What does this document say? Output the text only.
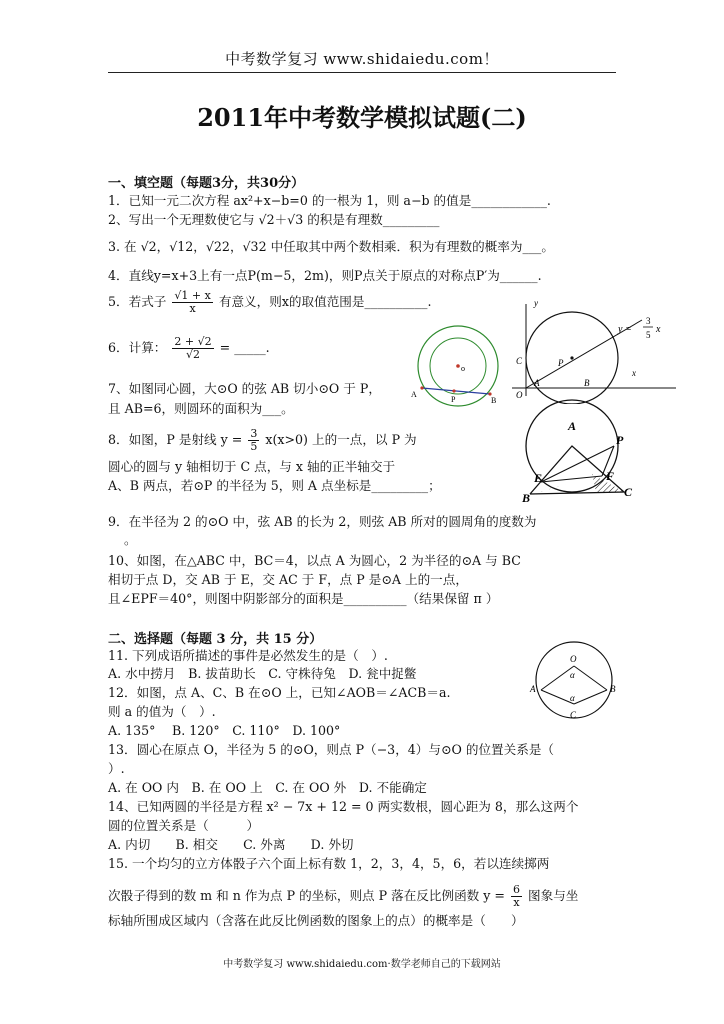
中考数学复习 www.shidaiedu.com！
2011年中考数学模拟试题(二)
一、填空题（每题3分，共30分）
1．已知一元二次方程 ax²+x−b=0 的一根为 1，则 a−b 的值是____________.
2、写出一个无理数使它与 √2＋√3 的积是有理数_________
3. 在 √2，√12，√22，√32 中任取其中两个数相乘．积为有理数的概率为___。
4．直线y=x+3上有一点P(m−5，2m)，则P点关于原点的对称点P′为______.
5．若式子 $\frac{√1 + x}{x}$ 有意义，则x的取值范围是__________.
6．计算： $\frac{2 + √2}{√2}$ = _____.
7、如图同心圆，大⊙O 的弦 AB 切小⊙O 于 P，
且 AB=6，则圆环的面积为___。
8．如图，P 是射线 $y = \frac{3}{5} x(x>0)$ 上的一点，以 P 为
圆心的圆与 y 轴相切于 C 点，与 x 轴的正半轴交于
A、B 两点，若⊙P 的半径为 5，则 A 点坐标是_________；
9．在半径为 2 的⊙O 中，弦 AB 的长为 2，则弦 AB 所对的圆周角的度数为
。
10、如图，在△ABC 中，BC＝4，以点 A 为圆心，2 为半径的⊙A 与 BC
相切于点 D，交 AB 于 E，交 AC 于 F，点 P 是⊙A 上的一点，
且∠EPF＝40°，则图中阴影部分的面积是__________（结果保留 π ）
二、选择题（每题 3 分，共 15 分）
11. 下列成语所描述的事件是必然发生的是（　）.
A. 水中捞月　B. 拔苗助长　C. 守株待兔　D. 瓮中捉鳖
12．如图，点 A、C、B 在⊙O 上，已知∠AOB＝∠ACB＝a.
则 a 的值为（　）.
A. 135°　 B. 120°　C. 110°　D. 100°
13．圆心在原点 O，半径为 5 的⊙O，则点 P（−3，4）与⊙O 的位置关系是（
）.
A. 在 OO 内　B. 在 OO 上　C. 在 OO 外　D. 不能确定
14、已知两圆的半径是方程 x² − 7x + 12 = 0 两实数根，圆心距为 8，那么这两个
圆的位置关系是（　　　）
A. 内切　　B. 相交　　C. 外离　　D. 外切
15. 一个均匀的立方体骰子六个面上标有数 1，2，3，4，5，6，若以连续掷两
次骰子得到的数 m 和 n 作为点 P 的坐标，则点 P 落在反比例函数 $y = \frac{6}{x}$ 图象与坐
标轴所围成区域内（含落在此反比例函数的图象上的点）的概率是（　　）
A
P	B
o
y
x
O
C	P
A	B
y =
3
5 x
A
P
E	F
B	C
O
α
α
A	B
C
中考数学复习 www.shidaiedu.com·数学老师自己的下载网站
